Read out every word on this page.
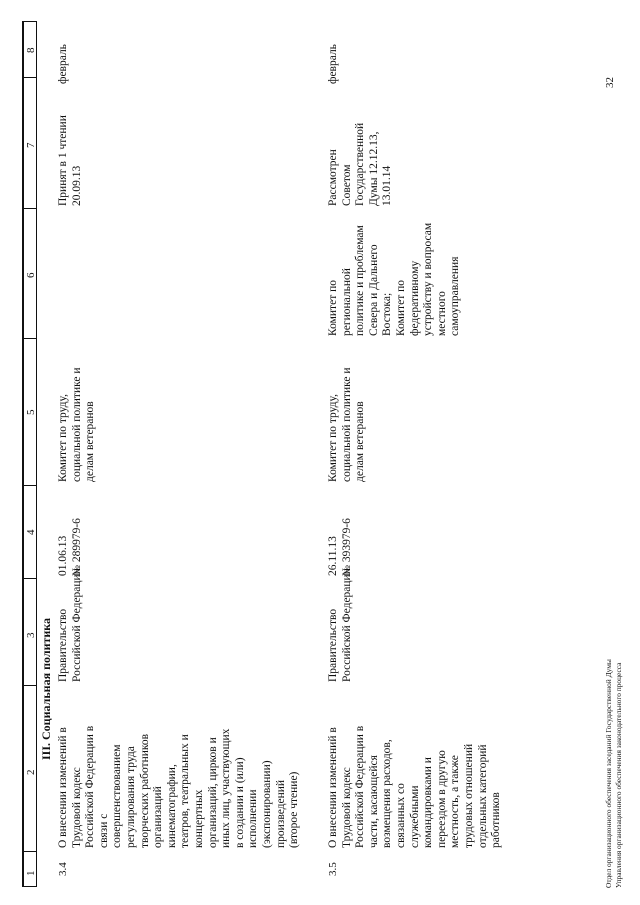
1
2
3
4
5
6
7
8
III. Социальная политика
3.4
О внесении изменений в
Трудовой кодекс
Российской Федерации в
связи с
совершенствованием
регулирования труда
творческих работников
организаций
кинематографии,
театров, театральных и
концертных
организаций, цирков и
иных лиц, участвующих
в создании и (или)
исполнении
(экспонировании)
произведений
(второе чтение)
Правительство
Российской Федерации
01.06.13
№ 289979-6
Комитет по труду,
социальной политике и
делам ветеранов
Принят в 1 чтении
20.09.13
февраль
3.5
О внесении изменений в
Трудовой кодекс
Российской Федерации в
части, касающейся
возмещения расходов,
связанных со
служебными
командировками и
переездом в другую
местность, а также
трудовых отношений
отдельных категорий
работников
Правительство
Российской Федерации
26.11.13
№ 393979-6
Комитет по труду,
социальной политике и
делам ветеранов
Комитет по
региональной
политике и проблемам
Севера и Дальнего
Востока;
Комитет по
федеративному
устройству и вопросам
местного
самоуправления
Рассмотрен
Советом
Государственной
Думы 12.12.13,
13.01.14
февраль
Отдел организационного обеспечения заседаний Государственной Думы Управления организационного обеспечения законодательного процесса
32
